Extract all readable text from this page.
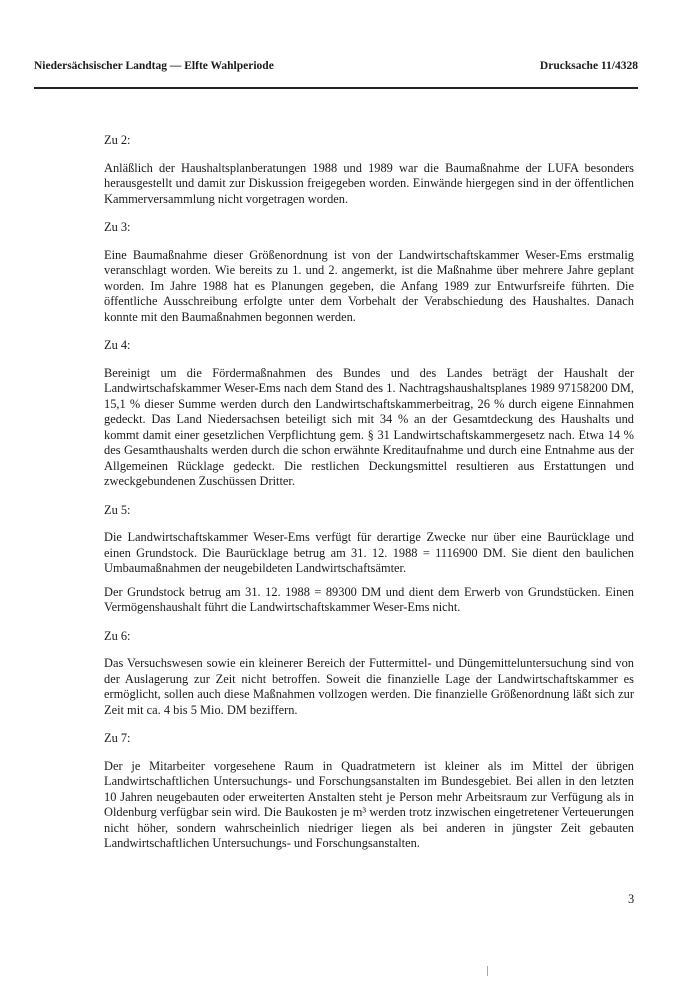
Niedersächsischer Landtag — Elfte Wahlperiode	Drucksache 11/4328
Zu 2:

Anläßlich der Haushaltsplanberatungen 1988 und 1989 war die Baumaßnahme der LUFA besonders herausgestellt und damit zur Diskussion freigegeben worden. Einwände hiergegen sind in der öffentlichen Kammerversammlung nicht vorgetragen worden.

Zu 3:

Eine Baumaßnahme dieser Größenordnung ist von der Landwirtschaftskammer Weser-Ems erstmalig veranschlagt worden. Wie bereits zu 1. und 2. angemerkt, ist die Maßnahme über mehrere Jahre geplant worden. Im Jahre 1988 hat es Planungen gegeben, die Anfang 1989 zur Entwurfsreife führten. Die öffentliche Ausschreibung erfolgte unter dem Vorbehalt der Verabschiedung des Haushaltes. Danach konnte mit den Baumaßnahmen begonnen werden.

Zu 4:

Bereinigt um die Fördermaßnahmen des Bundes und des Landes beträgt der Haushalt der Landwirtschafskammer Weser-Ems nach dem Stand des 1. Nachtragshaushaltsplanes 1989 97158200 DM, 15,1 % dieser Summe werden durch den Landwirtschaftskammerbeitrag, 26 % durch eigene Einnahmen gedeckt. Das Land Niedersachsen beteiligt sich mit 34 % an der Gesamtdeckung des Haushalts und kommt damit einer gesetzlichen Verpflichtung gem. § 31 Landwirtschaftskammergesetz nach. Etwa 14 % des Gesamthaushalts werden durch die schon erwähnte Kreditaufnahme und durch eine Entnahme aus der Allgemeinen Rücklage gedeckt. Die restlichen Deckungsmittel resultieren aus Erstattungen und zweckgebundenen Zuschüssen Dritter.

Zu 5:

Die Landwirtschaftskammer Weser-Ems verfügt für derartige Zwecke nur über eine Baurücklage und einen Grundstock. Die Baurücklage betrug am 31. 12. 1988 = 1116900 DM. Sie dient den baulichen Umbaumaßnahmen der neugebildeten Landwirtschaftsämter.

Der Grundstock betrug am 31. 12. 1988 = 89300 DM und dient dem Erwerb von Grundstücken. Einen Vermögenshaushalt führt die Landwirtschaftskammer Weser-Ems nicht.

Zu 6:

Das Versuchswesen sowie ein kleinerer Bereich der Futtermittel- und Düngemitteluntersuchung sind von der Auslagerung zur Zeit nicht betroffen. Soweit die finanzielle Lage der Landwirtschaftskammer es ermöglicht, sollen auch diese Maßnahmen vollzogen werden. Die finanzielle Größenordnung läßt sich zur Zeit mit ca. 4 bis 5 Mio. DM beziffern.

Zu 7:

Der je Mitarbeiter vorgesehene Raum in Quadratmetern ist kleiner als im Mittel der übrigen Landwirtschaftlichen Untersuchungs- und Forschungsanstalten im Bundesgebiet. Bei allen in den letzten 10 Jahren neugebauten oder erweiterten Anstalten steht je Person mehr Arbeitsraum zur Verfügung als in Oldenburg verfügbar sein wird. Die Baukosten je m³ werden trotz inzwischen eingetretener Verteuerungen nicht höher, sondern wahrscheinlich niedriger liegen als bei anderen in jüngster Zeit gebauten Landwirtschaftlichen Untersuchungs- und Forschungsanstalten.

3
